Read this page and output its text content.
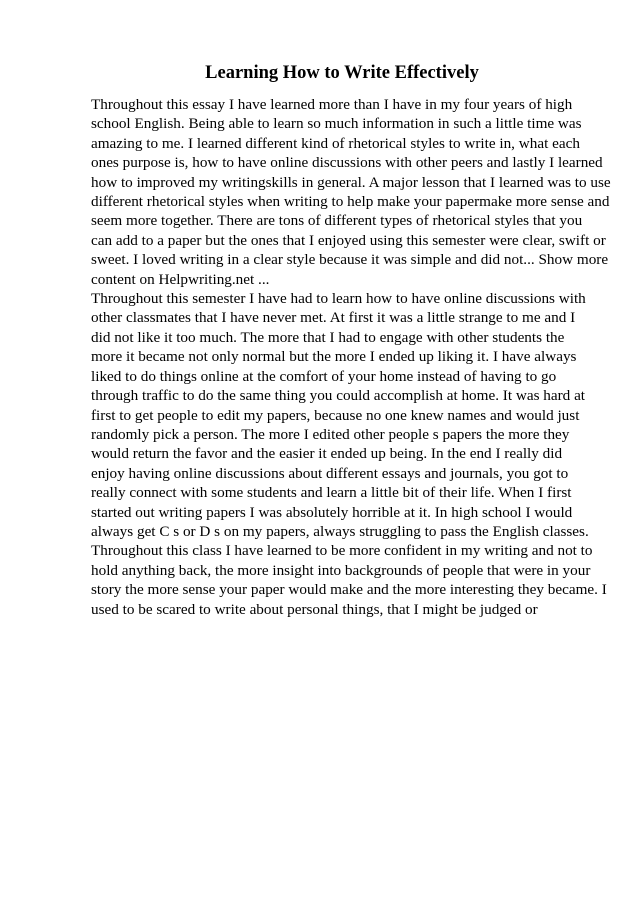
Learning How to Write Effectively
Throughout this essay I have learned more than I have in my four years of high
school English. Being able to learn so much information in such a little time was
amazing to me. I learned different kind of rhetorical styles to write in, what each
ones purpose is, how to have online discussions with other peers and lastly I learned
how to improved my writingskills in general. A major lesson that I learned was to use
different rhetorical styles when writing to help make your papermake more sense and
seem more together. There are tons of different types of rhetorical styles that you
can add to a paper but the ones that I enjoyed using this semester were clear, swift or
sweet. I loved writing in a clear style because it was simple and did not... Show more
content on Helpwriting.net ...
Throughout this semester I have had to learn how to have online discussions with
other classmates that I have never met. At first it was a little strange to me and I
did not like it too much. The more that I had to engage with other students the
more it became not only normal but the more I ended up liking it. I have always
liked to do things online at the comfort of your home instead of having to go
through traffic to do the same thing you could accomplish at home. It was hard at
first to get people to edit my papers, because no one knew names and would just
randomly pick a person. The more I edited other people s papers the more they
would return the favor and the easier it ended up being. In the end I really did
enjoy having online discussions about different essays and journals, you got to
really connect with some students and learn a little bit of their life. When I first
started out writing papers I was absolutely horrible at it. In high school I would
always get C s or D s on my papers, always struggling to pass the English classes.
Throughout this class I have learned to be more confident in my writing and not to
hold anything back, the more insight into backgrounds of people that were in your
story the more sense your paper would make and the more interesting they became. I
used to be scared to write about personal things, that I might be judged or
